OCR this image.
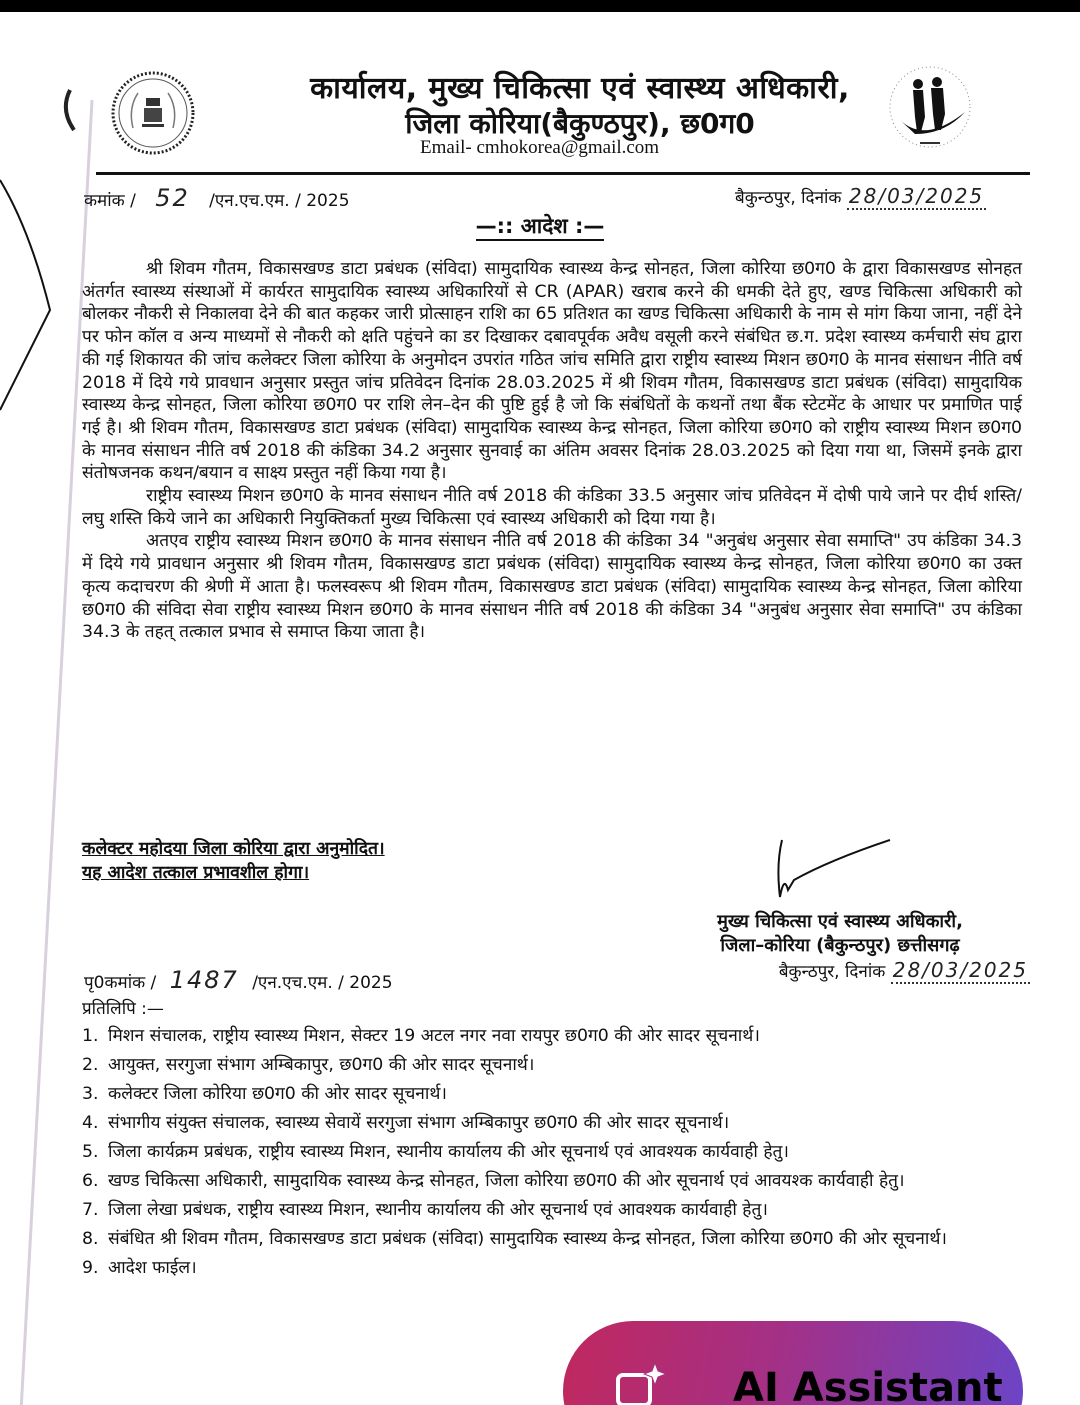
कार्यालय, मुख्य चिकित्सा एवं स्वास्थ्य अधिकारी,
जिला कोरिया(बैकुण्ठपुर), छ0ग0
Email- cmhokorea@gmail.com
कमांक / 52 /एन.एच.एम. / 2025	बैकुन्ठपुर, दिनांक 28/03/2025
—:: आदेश :—

श्री शिवम गौतम, विकासखण्ड डाटा प्रबंधक (संविदा) सामुदायिक स्वास्थ्य केन्द्र सोनहत, जिला कोरिया छ0ग0 के द्वारा विकासखण्ड सोनहत अंतर्गत स्वास्थ्य संस्थाओं में कार्यरत सामुदायिक स्वास्थ्य अधिकारियों से CR (APAR) खराब करने की धमकी देते हुए, खण्ड चिकित्सा अधिकारी को बोलकर नौकरी से निकालवा देने की बात कहकर जारी प्रोत्साहन राशि का 65 प्रतिशत का खण्ड चिकित्सा अधिकारी के नाम से मांग किया जाना, नहीं देने पर फोन कॉल व अन्य माध्यमों से नौकरी को क्षति पहुंचने का डर दिखाकर दबावपूर्वक अवैध वसूली करने संबंधित छ.ग. प्रदेश स्वास्थ्य कर्मचारी संघ द्वारा की गई शिकायत की जांच कलेक्टर जिला कोरिया के अनुमोदन उपरांत गठित जांच समिति द्वारा राष्ट्रीय स्वास्थ्य मिशन छ0ग0 के मानव संसाधन नीति वर्ष 2018 में दिये गये प्रावधान अनुसार प्रस्तुत जांच प्रतिवेदन दिनांक 28.03.2025 में श्री शिवम गौतम, विकासखण्ड डाटा प्रबंधक (संविदा) सामुदायिक स्वास्थ्य केन्द्र सोनहत, जिला कोरिया छ0ग0 पर राशि लेन–देन की पुष्टि हुई है जो कि संबंधितों के कथनों तथा बैंक स्टेटमेंट के आधार पर प्रमाणित पाई गई है। श्री शिवम गौतम, विकासखण्ड डाटा प्रबंधक (संविदा) सामुदायिक स्वास्थ्य केन्द्र सोनहत, जिला कोरिया छ0ग0 को राष्ट्रीय स्वास्थ्य मिशन छ0ग0 के मानव संसाधन नीति वर्ष 2018 की कंडिका 34.2 अनुसार सुनवाई का अंतिम अवसर दिनांक 28.03.2025 को दिया गया था, जिसमें इनके द्वारा संतोषजनक कथन/बयान व साक्ष्य प्रस्तुत नहीं किया गया है।

राष्ट्रीय स्वास्थ्य मिशन छ0ग0 के मानव संसाधन नीति वर्ष 2018 की कंडिका 33.5 अनुसार जांच प्रतिवेदन में दोषी पाये जाने पर दीर्घ शस्ति/लघु शस्ति किये जाने का अधिकारी नियुक्तिकर्ता मुख्य चिकित्सा एवं स्वास्थ्य अधिकारी को दिया गया है।

अतएव राष्ट्रीय स्वास्थ्य मिशन छ0ग0 के मानव संसाधन नीति वर्ष 2018 की कंडिका 34 "अनुबंध अनुसार सेवा समाप्ति" उप कंडिका 34.3 में दिये गये प्रावधान अनुसार श्री शिवम गौतम, विकासखण्ड डाटा प्रबंधक (संविदा) सामुदायिक स्वास्थ्य केन्द्र सोनहत, जिला कोरिया छ0ग0 का उक्त कृत्य कदाचरण की श्रेणी में आता है। फलस्वरूप श्री शिवम गौतम, विकासखण्ड डाटा प्रबंधक (संविदा) सामुदायिक स्वास्थ्य केन्द्र सोनहत, जिला कोरिया छ0ग0 की संविदा सेवा राष्ट्रीय स्वास्थ्य मिशन छ0ग0 के मानव संसाधन नीति वर्ष 2018 की कंडिका 34 "अनुबंध अनुसार सेवा समाप्ति" उप कंडिका 34.3 के तहत् तत्काल प्रभाव से समाप्त किया जाता है।

कलेक्टर महोदया जिला कोरिया द्वारा अनुमोदित।
यह आदेश तत्काल प्रभावशील होगा।
मुख्य चिकित्सा एवं स्वास्थ्य अधिकारी,
जिला–कोरिया (बैकुन्ठपुर) छत्तीसगढ़
बैकुन्ठपुर, दिनांक 28/03/2025
पृ0कमांक / 1487 /एन.एच.एम. / 2025
प्रतिलिपि :—
1. मिशन संचालक, राष्ट्रीय स्वास्थ्य मिशन, सेक्टर 19 अटल नगर नवा रायपुर छ0ग0 की ओर सादर सूचनार्थ।
2. आयुक्त, सरगुजा संभाग अम्बिकापुर, छ0ग0 की ओर सादर सूचनार्थ।
3. कलेक्टर जिला कोरिया छ0ग0 की ओर सादर सूचनार्थ।
4. संभागीय संयुक्त संचालक, स्वास्थ्य सेवायें सरगुजा संभाग अम्बिकापुर छ0ग0 की ओर सादर सूचनार्थ।
5. जिला कार्यक्रम प्रबंधक, राष्ट्रीय स्वास्थ्य मिशन, स्थानीय कार्यालय की ओर सूचनार्थ एवं आवश्यक कार्यवाही हेतु।
6. खण्ड चिकित्सा अधिकारी, सामुदायिक स्वास्थ्य केन्द्र सोनहत, जिला कोरिया छ0ग0 की ओर सूचनार्थ एवं आवयश्क कार्यवाही हेतु।
7. जिला लेखा प्रबंधक, राष्ट्रीय स्वास्थ्य मिशन, स्थानीय कार्यालय की ओर सूचनार्थ एवं आवश्यक कार्यवाही हेतु।
8. संबंधित श्री शिवम गौतम, विकासखण्ड डाटा प्रबंधक (संविदा) सामुदायिक स्वास्थ्य केन्द्र सोनहत, जिला कोरिया छ0ग0 की ओर सूचनार्थ।
9. आदेश फाईल।
AI Assistant
